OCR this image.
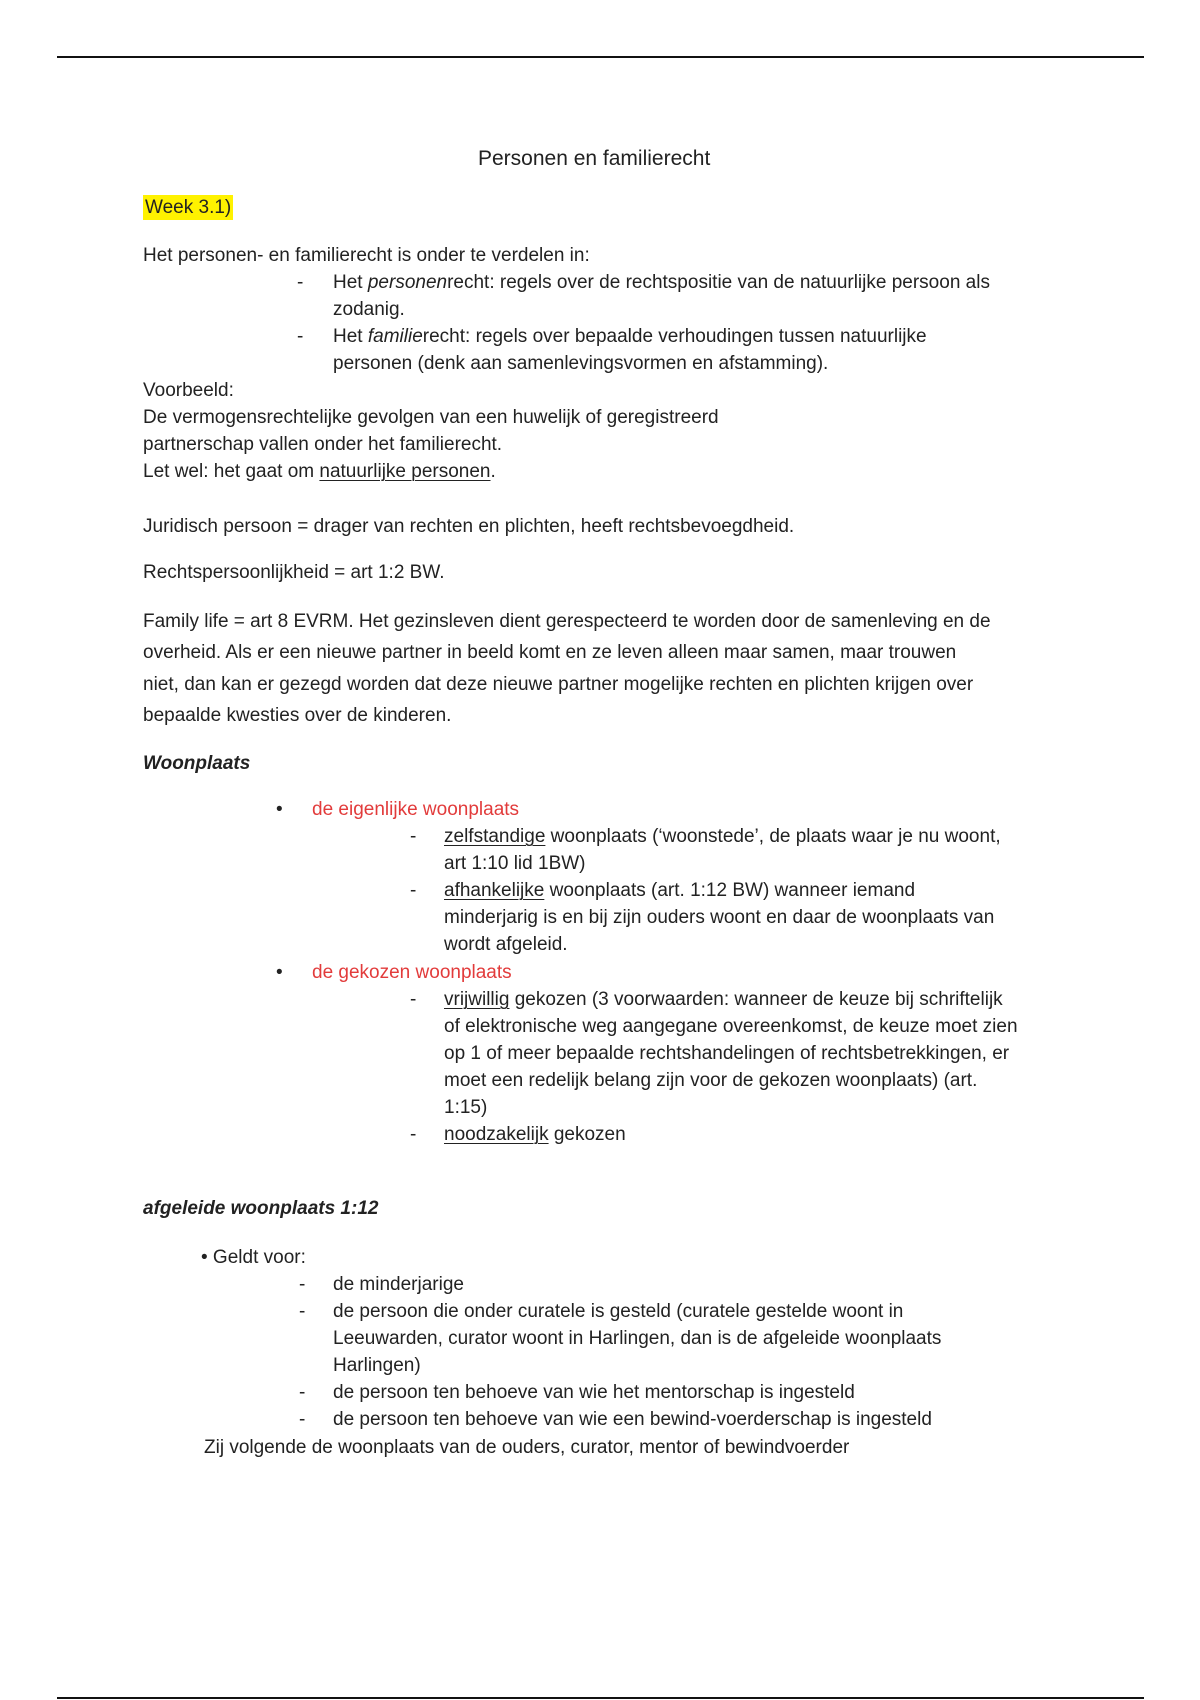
Personen en familierecht
Week 3.1)
Het personen- en familierecht is onder te verdelen in:
- Het personenrecht: regels over de rechtspositie van de natuurlijke persoon als
zodanig.
- Het familierecht: regels over bepaalde verhoudingen tussen natuurlijke
personen (denk aan samenlevingsvormen en afstamming).
Voorbeeld:
De vermogensrechtelijke gevolgen van een huwelijk of geregistreerd
partnerschap vallen onder het familierecht.
Let wel: het gaat om natuurlijke personen.
Juridisch persoon = drager van rechten en plichten, heeft rechtsbevoegdheid.
Rechtspersoonlijkheid = art 1:2 BW.
Family life = art 8 EVRM. Het gezinsleven dient gerespecteerd te worden door de samenleving en de
overheid. Als er een nieuwe partner in beeld komt en ze leven alleen maar samen, maar trouwen
niet, dan kan er gezegd worden dat deze nieuwe partner mogelijke rechten en plichten krijgen over
bepaalde kwesties over de kinderen.
Woonplaats
• de eigenlijke woonplaats
- zelfstandige woonplaats (‘woonstede’, de plaats waar je nu woont,
art 1:10 lid 1BW)
- afhankelijke woonplaats (art. 1:12 BW) wanneer iemand
minderjarig is en bij zijn ouders woont en daar de woonplaats van
wordt afgeleid.
• de gekozen woonplaats
- vrijwillig gekozen (3 voorwaarden: wanneer de keuze bij schriftelijk
of elektronische weg aangegane overeenkomst, de keuze moet zien
op 1 of meer bepaalde rechtshandelingen of rechtsbetrekkingen, er
moet een redelijk belang zijn voor de gekozen woonplaats) (art.
1:15)
- noodzakelijk gekozen
afgeleide woonplaats 1:12
• Geldt voor:
- de minderjarige
- de persoon die onder curatele is gesteld (curatele gestelde woont in
Leeuwarden, curator woont in Harlingen, dan is de afgeleide woonplaats
Harlingen)
- de persoon ten behoeve van wie het mentorschap is ingesteld
- de persoon ten behoeve van wie een bewind-voerderschap is ingesteld
Zij volgende de woonplaats van de ouders, curator, mentor of bewindvoerder
